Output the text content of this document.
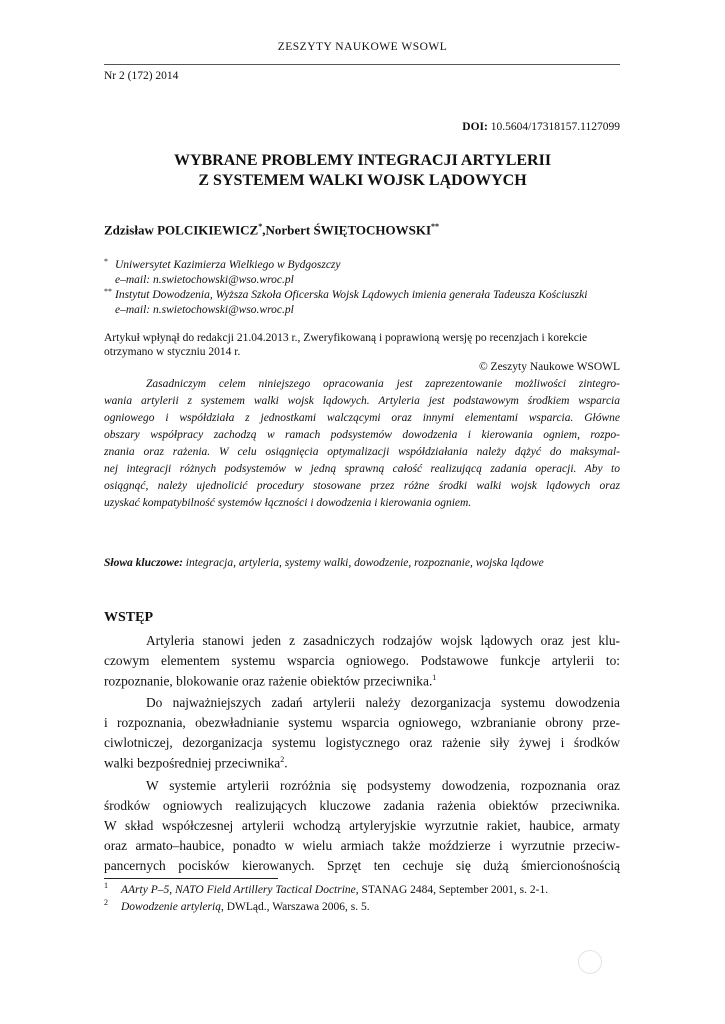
ZESZYTY NAUKOWE WSOWL
Nr 2 (172) 2014
DOI: 10.5604/17318157.1127099
WYBRANE PROBLEMY INTEGRACJI ARTYLERII
Z SYSTEMEM WALKI WOJSK LĄDOWYCH
Zdzisław POLCIKIEWICZ*,Norbert ŚWIĘTOCHOWSKI**
* Uniwersytet Kazimierza Wielkiego w Bydgoszczy
e–mail: n.swietochowski@wso.wroc.pl
** Instytut Dowodzenia, Wyższa Szkoła Oficerska Wojsk Lądowych imienia generała Tadeusza Kościuszki
e–mail: n.swietochowski@wso.wroc.pl
Artykuł wpłynął do redakcji 21.04.2013 r., Zweryfikowaną i poprawioną wersję po recenzjach i korekcie
otrzymano w styczniu 2014 r.
© Zeszyty Naukowe WSOWL
Zasadniczym celem niniejszego opracowania jest zaprezentowanie możliwości zintegro-
wania artylerii z systemem walki wojsk lądowych. Artyleria jest podstawowym środkiem wsparcia
ogniowego i współdziała z jednostkami walczącymi oraz innymi elementami wsparcia. Główne
obszary współpracy zachodzą w ramach podsystemów dowodzenia i kierowania ogniem, rozpo-
znania oraz rażenia. W celu osiągnięcia optymalizacji współdziałania należy dążyć do maksymal-
nej integracji różnych podsystemów w jedną sprawną całość realizującą zadania operacji. Aby to
osiągnąć, należy ujednolicić procedury stosowane przez różne środki walki wojsk lądowych oraz
uzyskać kompatybilność systemów łączności i dowodzenia i kierowania ogniem.
Słowa kluczowe: integracja, artyleria, systemy walki, dowodzenie, rozpoznanie, wojska lądowe
WSTĘP
Artyleria stanowi jeden z zasadniczych rodzajów wojsk lądowych oraz jest klu-
czowym elementem systemu wsparcia ogniowego. Podstawowe funkcje artylerii to:
rozpoznanie, blokowanie oraz rażenie obiektów przeciwnika.$^1$
Do najważniejszych zadań artylerii należy dezorganizacja systemu dowodzenia
i rozpoznania, obezwładnianie systemu wsparcia ogniowego, wzbranianie obrony prze-
ciwlotniczej, dezorganizacja systemu logistycznego oraz rażenie siły żywej i środków
walki bezpośredniej przeciwnika$^2$.
W systemie artylerii rozróżnia się podsystemy dowodzenia, rozpoznania oraz
środków ogniowych realizujących kluczowe zadania rażenia obiektów przeciwnika.
W skład współczesnej artylerii wchodzą artyleryjskie wyrzutnie rakiet, haubice, armaty
oraz armato–haubice, ponadto w wielu armiach także moździerze i wyrzutnie przeciw-
pancernych pocisków kierowanych. Sprzęt ten cechuje się dużą śmiercionośnością
1 AArty P–5, NATO Field Artillery Tactical Doctrine, STANAG 2484, September 2001, s. 2-1.
2 Dowodzenie artylerią, DWLąd., Warszawa 2006, s. 5.
